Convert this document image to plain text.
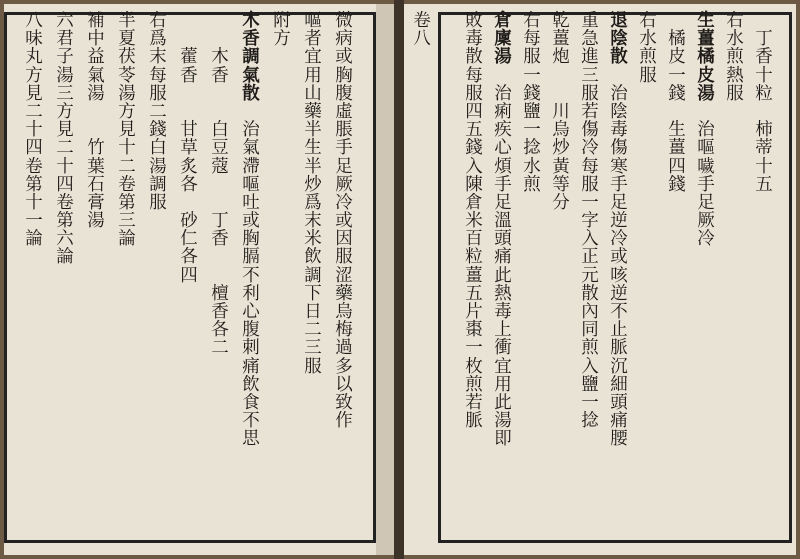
微
病
或
胸
腹
虛
脹
手
足
厥
冷
或
因
服
涩
藥
烏
梅
過
多
以
致
作
嘔
者
宜
用
山
藥
半
生
半
炒
爲
末
米
飲
調
下
日
二
三
服
附
方
木
香
調
氣
散

治
氣
滯
嘔
吐
或
胸
膈
不
利
心
腹
刺
痛
飲
食
不
思

木
香

白
豆
蔻

丁
香

檀
香
各
二

藿
香

甘
草
炙
各

砂
仁
各
四
右
爲
末
每
服
二
錢
白
湯
調
服
半
夏
茯
苓
湯
方
見
十
二
卷
第
三
論
補
中
益
氣
湯

竹
葉
石
膏
湯
六
君
子
湯
三
方
見
二
十
四
卷
第
六
論
八
味
丸
方
見
二
十
四
卷
第
十
一
論
卷
八
　	丁
香
十
粒

柿
蒂
十
五
右
水
煎
熱
服
生
薑
橘
皮
湯

治
嘔
噦
手
足
厥
冷

橘
皮
一
錢

生
薑
四
錢
右
水
煎
服
退
陰
散

治
陰
毒
傷
寒
手
足
逆
冷
或
咳
逆
不
止
脈
沉
細
頭
痛
腰
重
急
進
三
服
若
傷
冷
每
服
一
字
入
正
元
散
內
同
煎
入
鹽
一
捻
乾
薑
炮

川
烏
炒
黃
等
分
右
每
服
一
錢
鹽
一
捻
水
煎
倉
廩
湯

治
痢
疾
心
煩
手
足
溫
頭
痛
此
熱
毒
上
衝
宜
用
此
湯
即
敗
毒
散
每
服
四
五
錢
入
陳
倉
米
百
粒
薑
五
片
棗
一
枚
煎
若
脈
